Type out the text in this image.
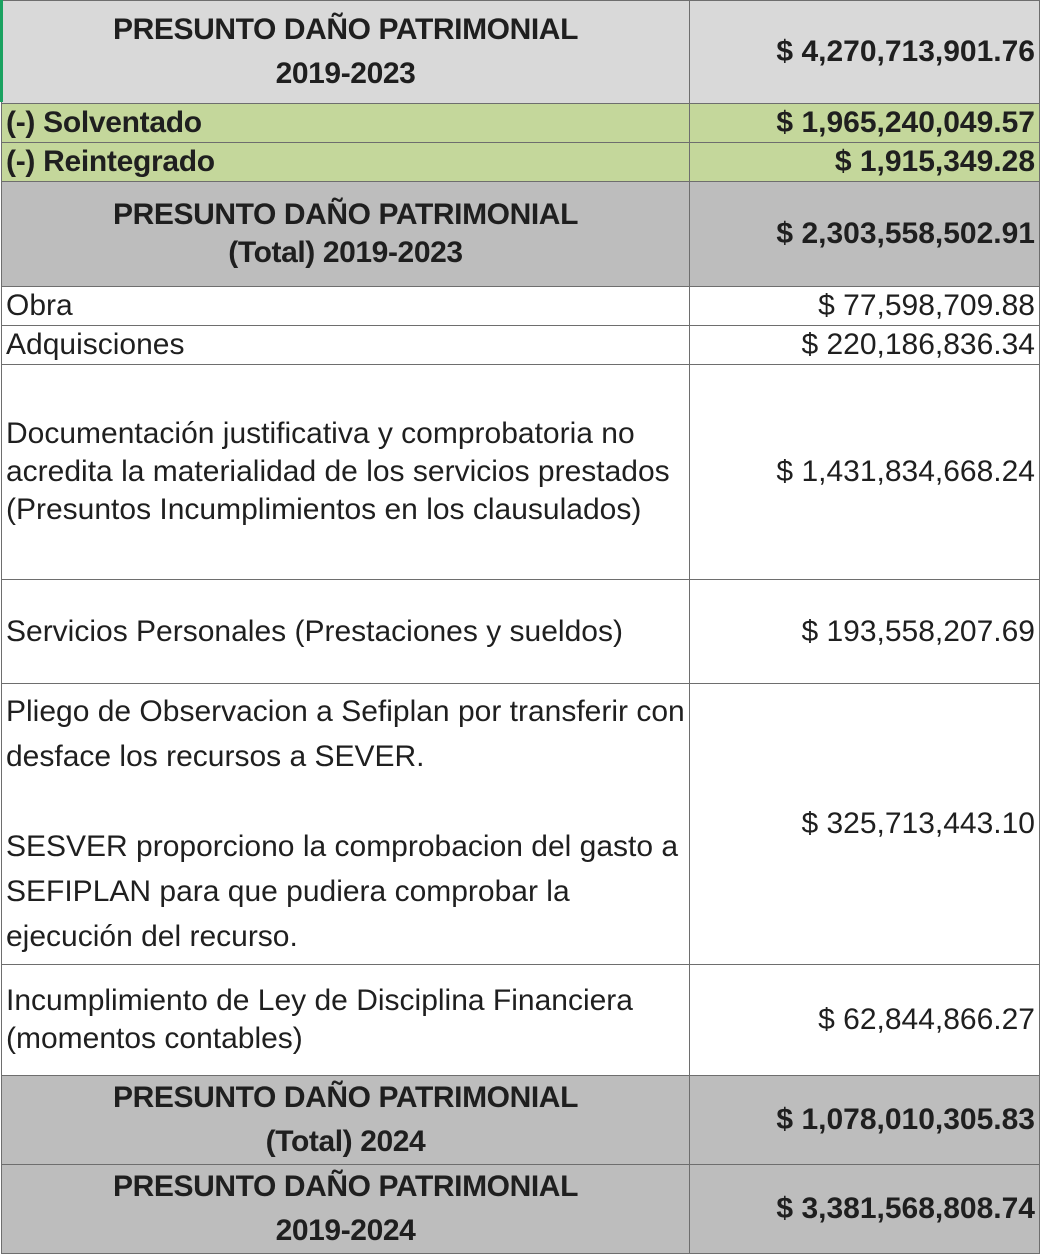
PRESUNTO DAÑO PATRIMONIAL
2019-2023	$ 4,270,713,901.76
(-) Solventado	$ 1,965,240,049.57
(-) Reintegrado	$ 1,915,349.28

PRESUNTO DAÑO PATRIMONIAL
(Total) 2019-2023	$ 2,303,558,502.91
Obra	$ 77,598,709.88
Adquisciones	$ 220,186,836.34
Documentación justificativa y comprobatoria no acredita la materialidad de los servicios prestados (Presuntos Incumplimientos en los clausulados)	$ 1,431,834,668.24
Servicios Personales (Prestaciones y sueldos)	$ 193,558,207.69

Pliego de Observacion a Sefiplan por transferir con desface los recursos a SEVER.
SESVER proporciono la comprobacion del gasto a SEFIPLAN para que pudiera comprobar la ejecución del recurso.	$ 325,713,443.10
Incumplimiento de Ley de Disciplina Financiera (momentos contables)	$ 62,844,866.27

PRESUNTO DAÑO PATRIMONIAL
(Total) 2024	$ 1,078,010,305.83

PRESUNTO DAÑO PATRIMONIAL
2019-2024	$ 3,381,568,808.74
